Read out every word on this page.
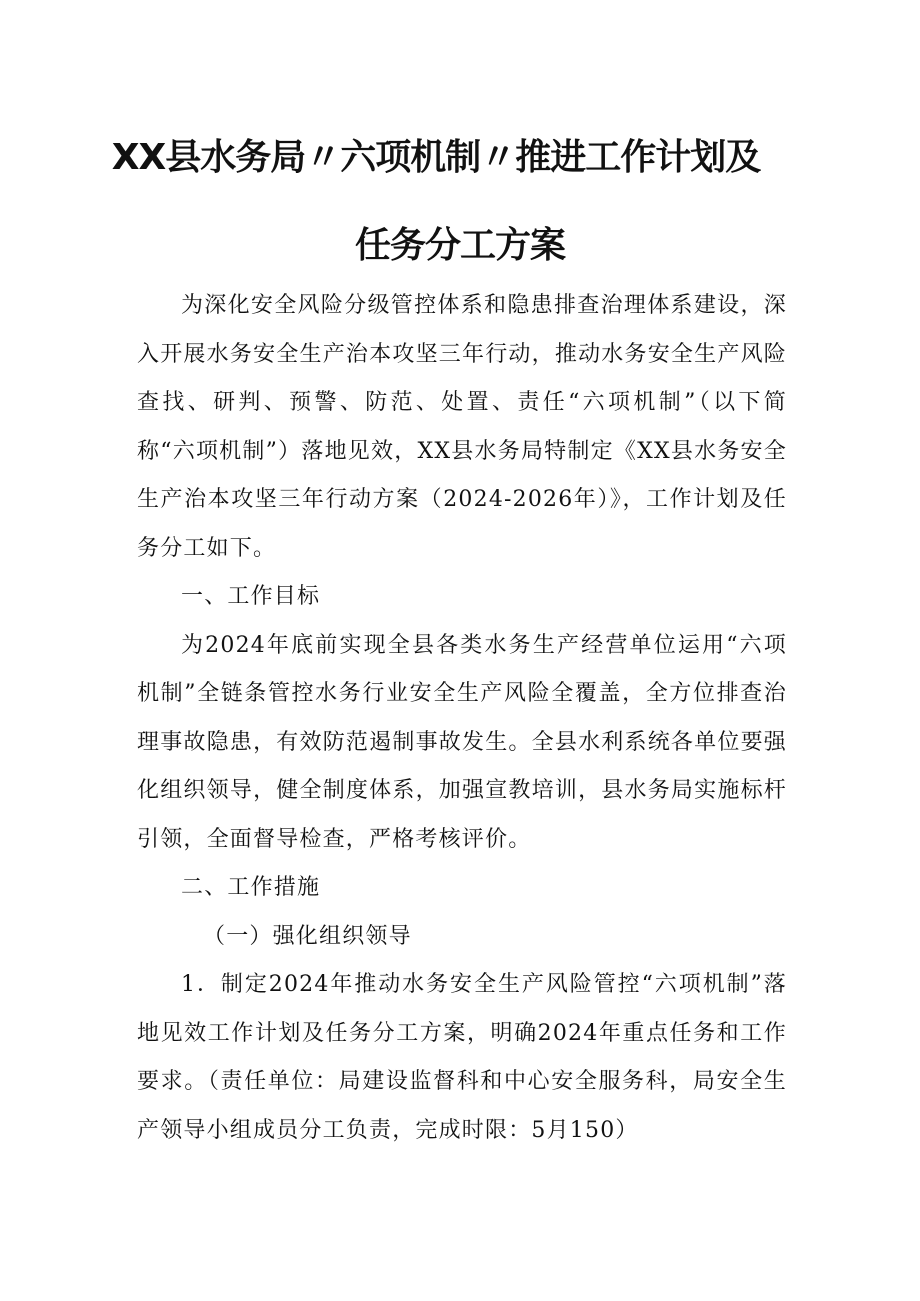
XX县水务局〃六项机制〃推进工作计划及
任务分工方案

为深化安全风险分级管控体系和隐患排查治理体系建设，深入开展水务安全生产治本攻坚三年行动，推动水务安全生产风险查找、研判、预警、防范、处置、责任“六项机制”（以下简称“六项机制”）落地见效，XX县水务局特制定《XX县水务安全生产治本攻坚三年行动方案（2024-2026年）》，工作计划及任务分工如下。

一、工作目标

为2024年底前实现全县各类水务生产经营单位运用“六项机制”全链条管控水务行业安全生产风险全覆盖，全方位排查治理事故隐患，有效防范遏制事故发生。全县水利系统各单位要强化组织领导，健全制度体系，加强宣教培训，县水务局实施标杆引领，全面督导检查，严格考核评价。

二、工作措施

（一）强化组织领导

1．制定2024年推动水务安全生产风险管控“六项机制”落地见效工作计划及任务分工方案，明确2024年重点任务和工作要求。（责任单位：局建设监督科和中心安全服务科，局安全生产领导小组成员分工负责，完成时限：5月150）
